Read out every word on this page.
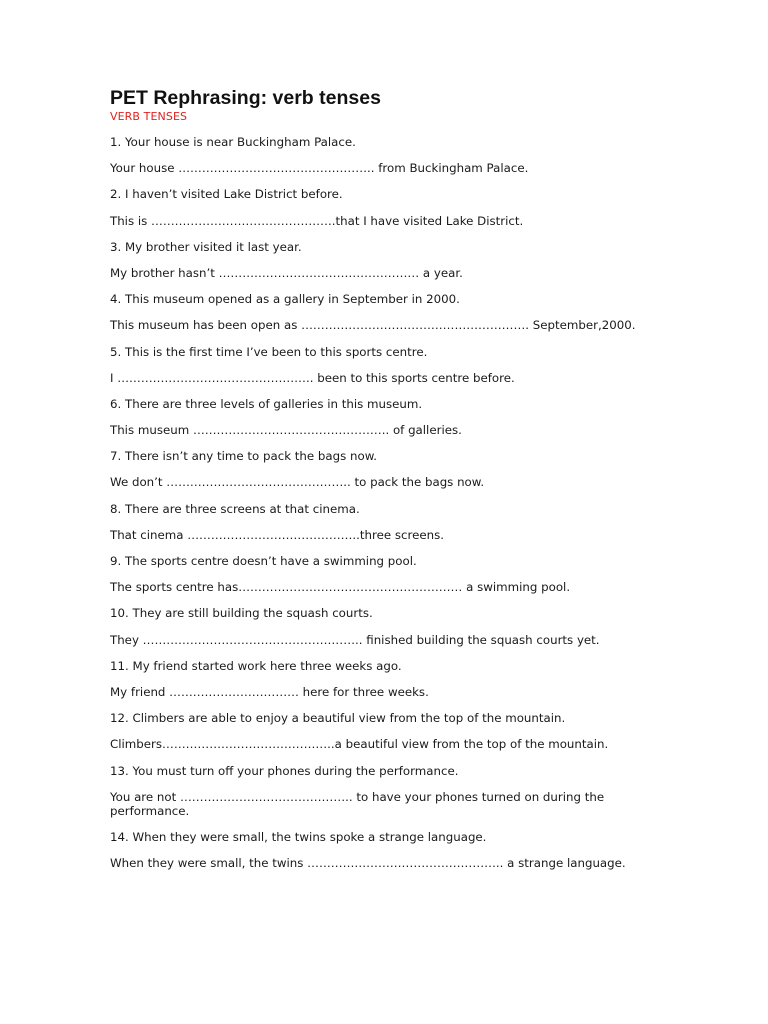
PET Rephrasing: verb tenses

VERB TENSES

1. Your house is near Buckingham Palace.

Your house ………………………………………….. from Buckingham Palace.

2. I haven’t visited Lake District before.

This is ………………………………………..that I have visited Lake District.

3. My brother visited it last year.

My brother hasn’t …………………………………………… a year.

4. This museum opened as a gallery in September in 2000.

This museum has been open as …………………………………………………. September,2000.

5. This is the first time I’ve been to this sports centre.

I ………………………………………….. been to this sports centre before.

6. There are three levels of galleries in this museum.

This museum ………………………………………….. of galleries.

7. There isn’t any time to pack the bags now.

We don’t ……………………………………….. to pack the bags now.

8. There are three screens at that cinema.

That cinema ……………………………………..three screens.

9. The sports centre doesn’t have a swimming pool.

The sports centre has………………………………………………… a swimming pool.

10. They are still building the squash courts.

They ……………………………………………….. finished building the squash courts yet.

11. My friend started work here three weeks ago.

My friend …………………………… here for three weeks.

12. Climbers are able to enjoy a beautiful view from the top of the mountain.

Climbers……………………………………..a beautiful view from the top of the mountain.

13. You must turn off your phones during the performance.

You are not …………………………………….. to have your phones turned on during the performance.

14. When they were small, the twins spoke a strange language.

When they were small, the twins ………………………………………….. a strange language.
